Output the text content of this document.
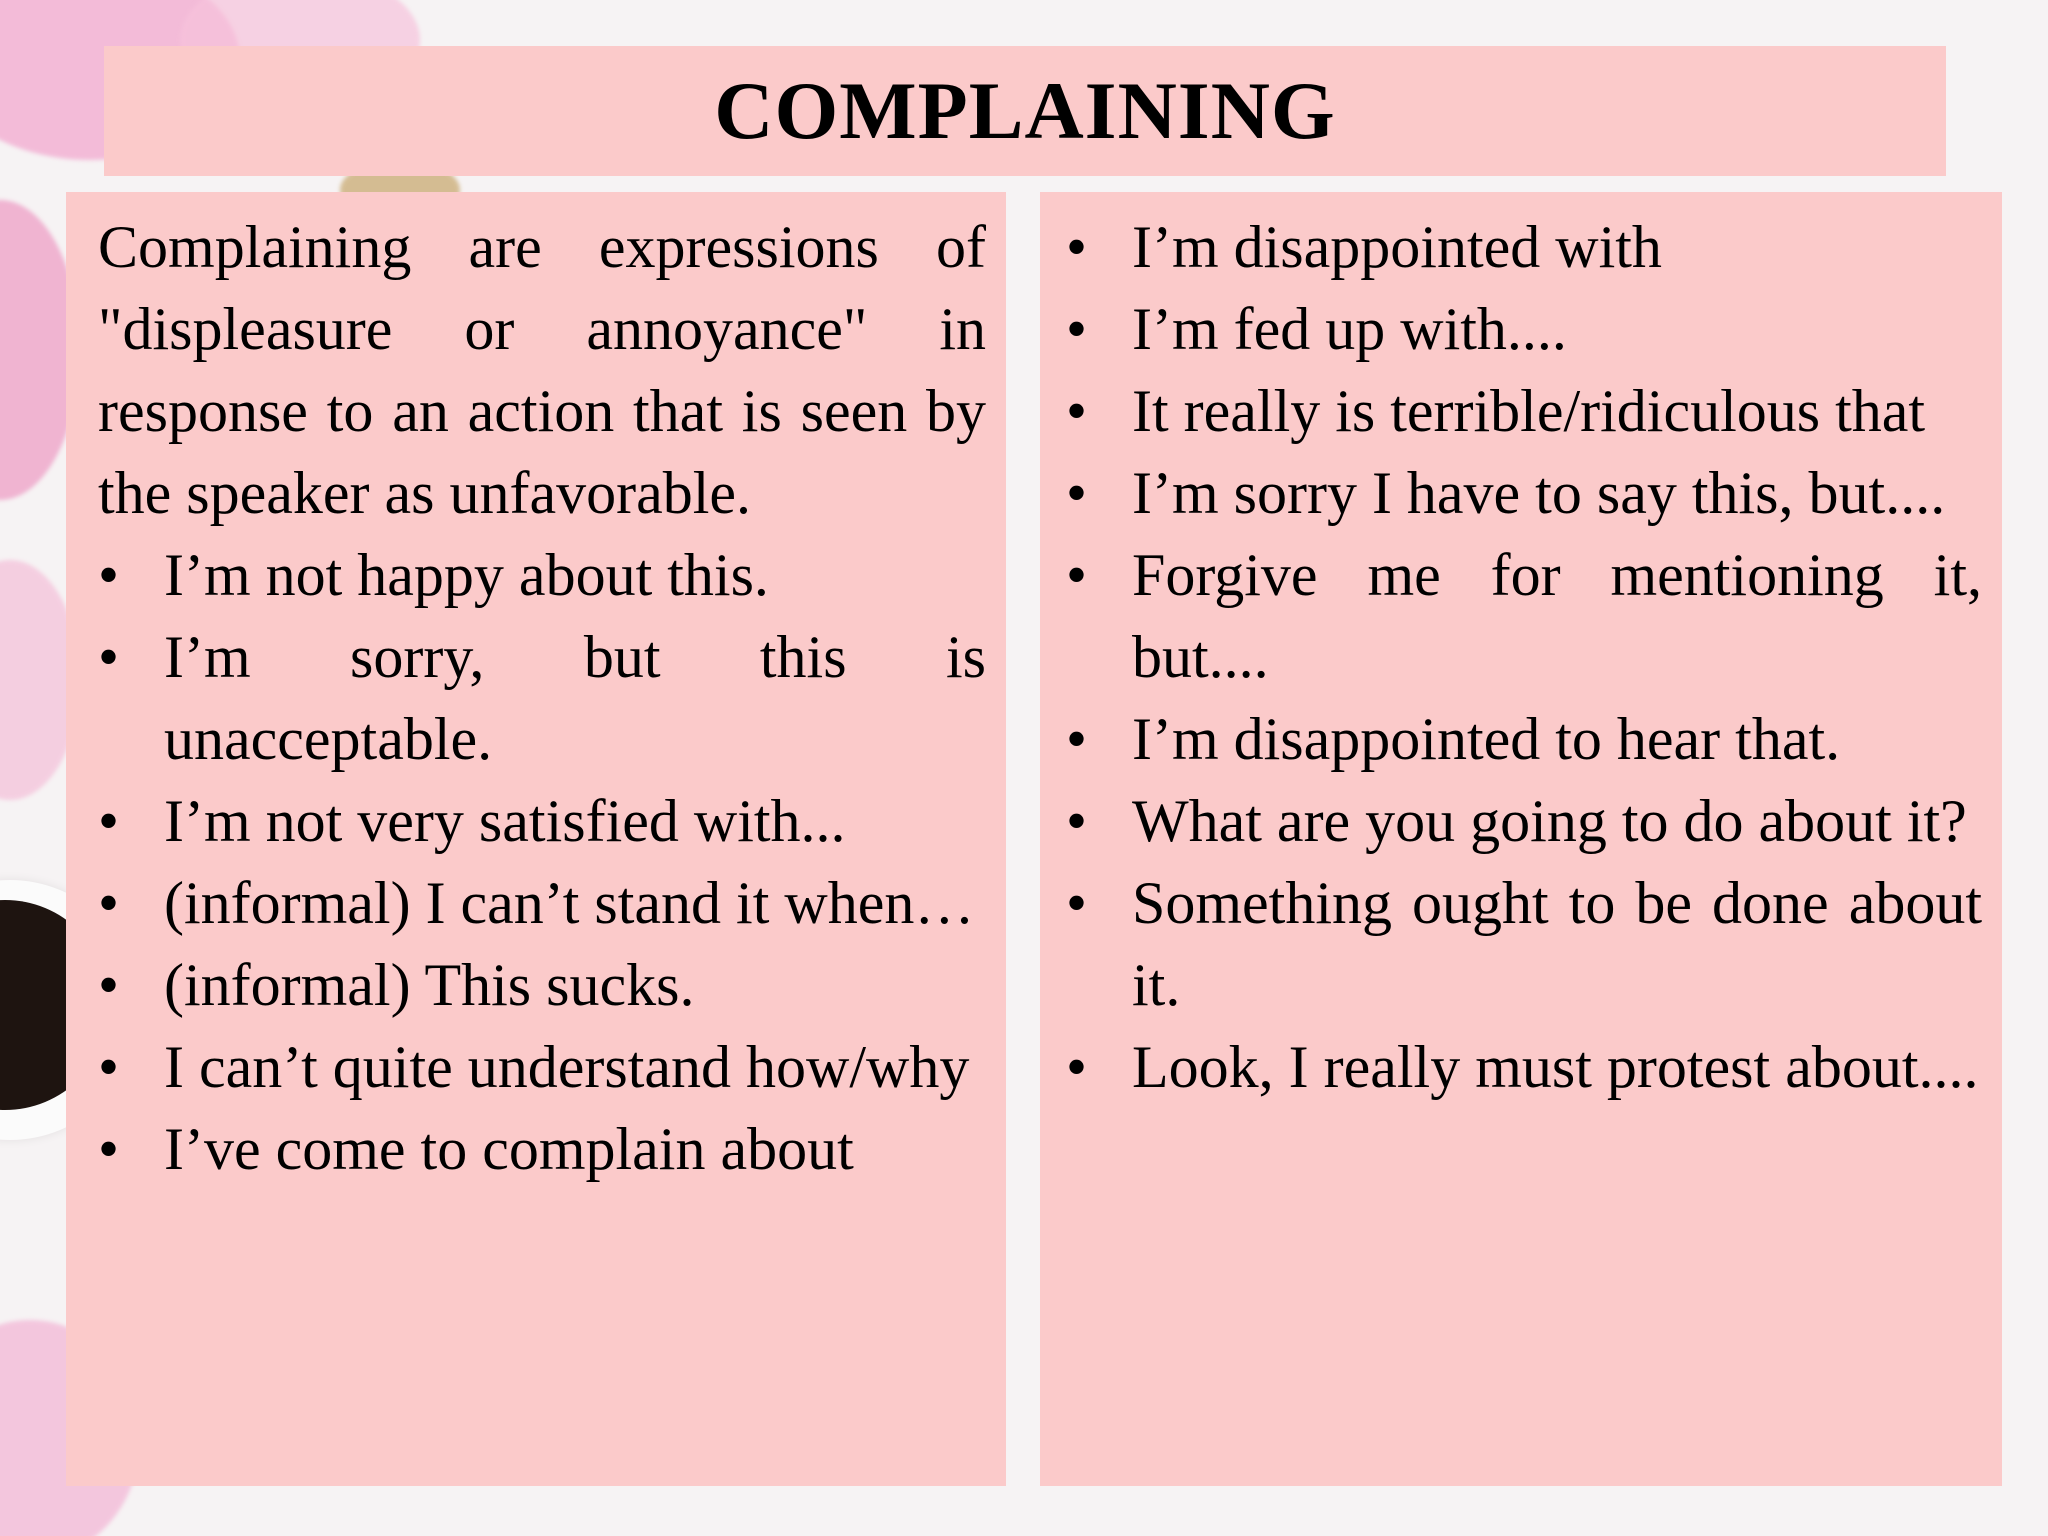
COMPLAINING

Complaining are expressions of "displeasure or annoyance" in response to an action that is seen by the speaker as unfavorable.

• I’m not happy about this.
• I’m sorry, but this is unacceptable.
• I’m not very satisfied with...
• (informal) I can’t stand it when…
• (informal) This sucks.
• I can’t quite understand how/why
• I’ve come to complain about
• I’m disappointed with
• I’m fed up with....
• It really is terrible/ridiculous that
• I’m sorry I have to say this, but....
• Forgive me for mentioning it, but....
• I’m disappointed to hear that.
• What are you going to do about it?
• Something ought to be done about it.
• Look, I really must protest about....
